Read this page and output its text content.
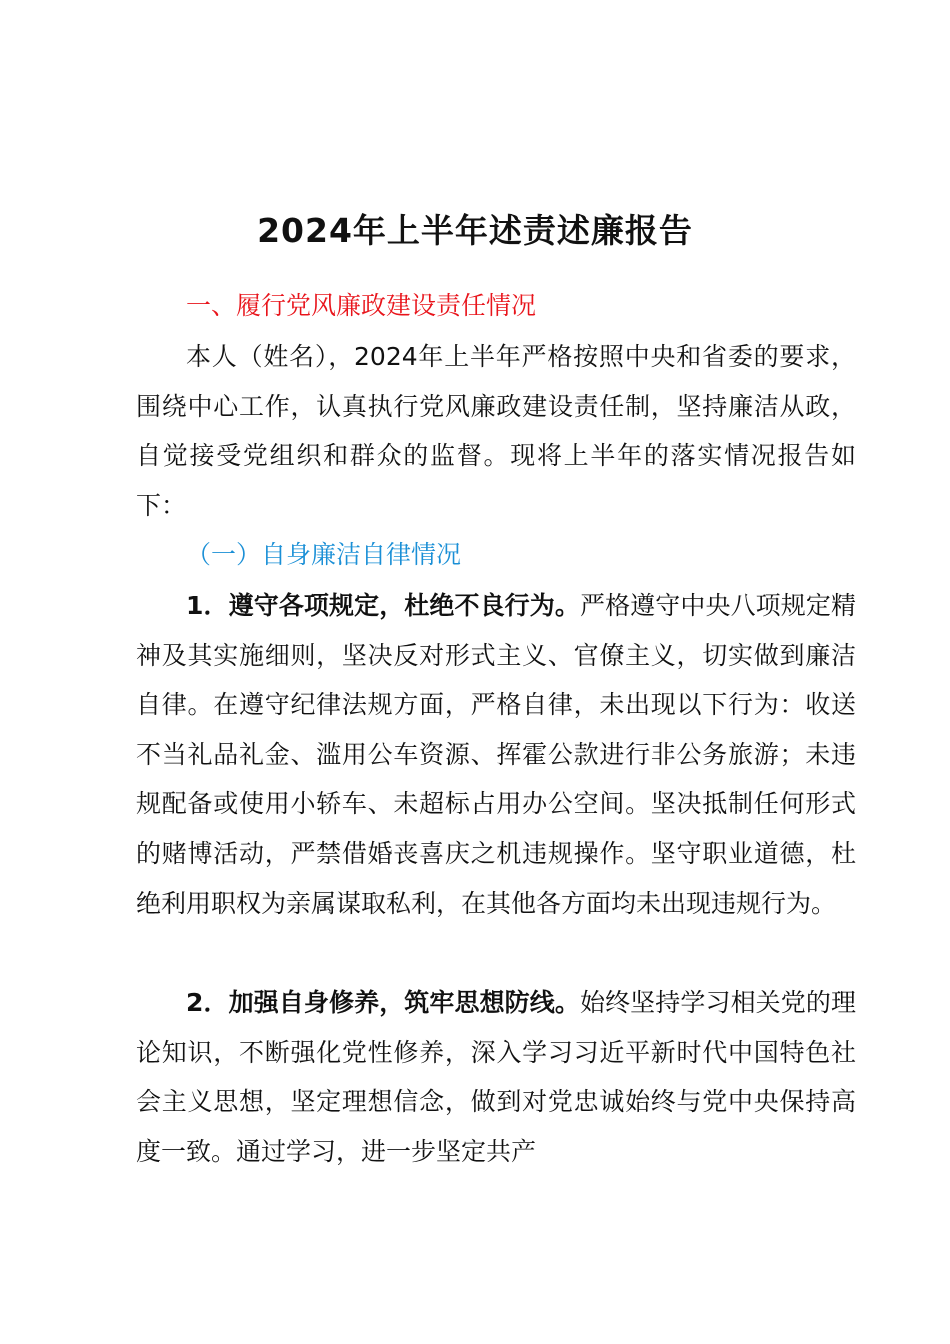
2024年上半年述责述廉报告
一、履行党风廉政建设责任情况

本人（姓名），2024年上半年严格按照中央和省委的要求，围绕中心工作，认真执行党风廉政建设责任制，坚持廉洁从政，自觉接受党组织和群众的监督。现将上半年的落实情况报告如下：

（一）自身廉洁自律情况

1．遵守各项规定，杜绝不良行为。严格遵守中央八项规定精神及其实施细则，坚决反对形式主义、官僚主义，切实做到廉洁自律。在遵守纪律法规方面，严格自律，未出现以下行为：收送不当礼品礼金、滥用公车资源、挥霍公款进行非公务旅游；未违规配备或使用小轿车、未超标占用办公空间。坚决抵制任何形式的赌博活动，严禁借婚丧喜庆之机违规操作。坚守职业道德，杜绝利用职权为亲属谋取私利，在其他各方面均未出现违规行为。

2．加强自身修养，筑牢思想防线。始终坚持学习相关党的理论知识，不断强化党性修养，深入学习习近平新时代中国特色社会主义思想，坚定理想信念，做到对党忠诚始终与党中央保持高度一致。通过学习，进一步坚定共产
